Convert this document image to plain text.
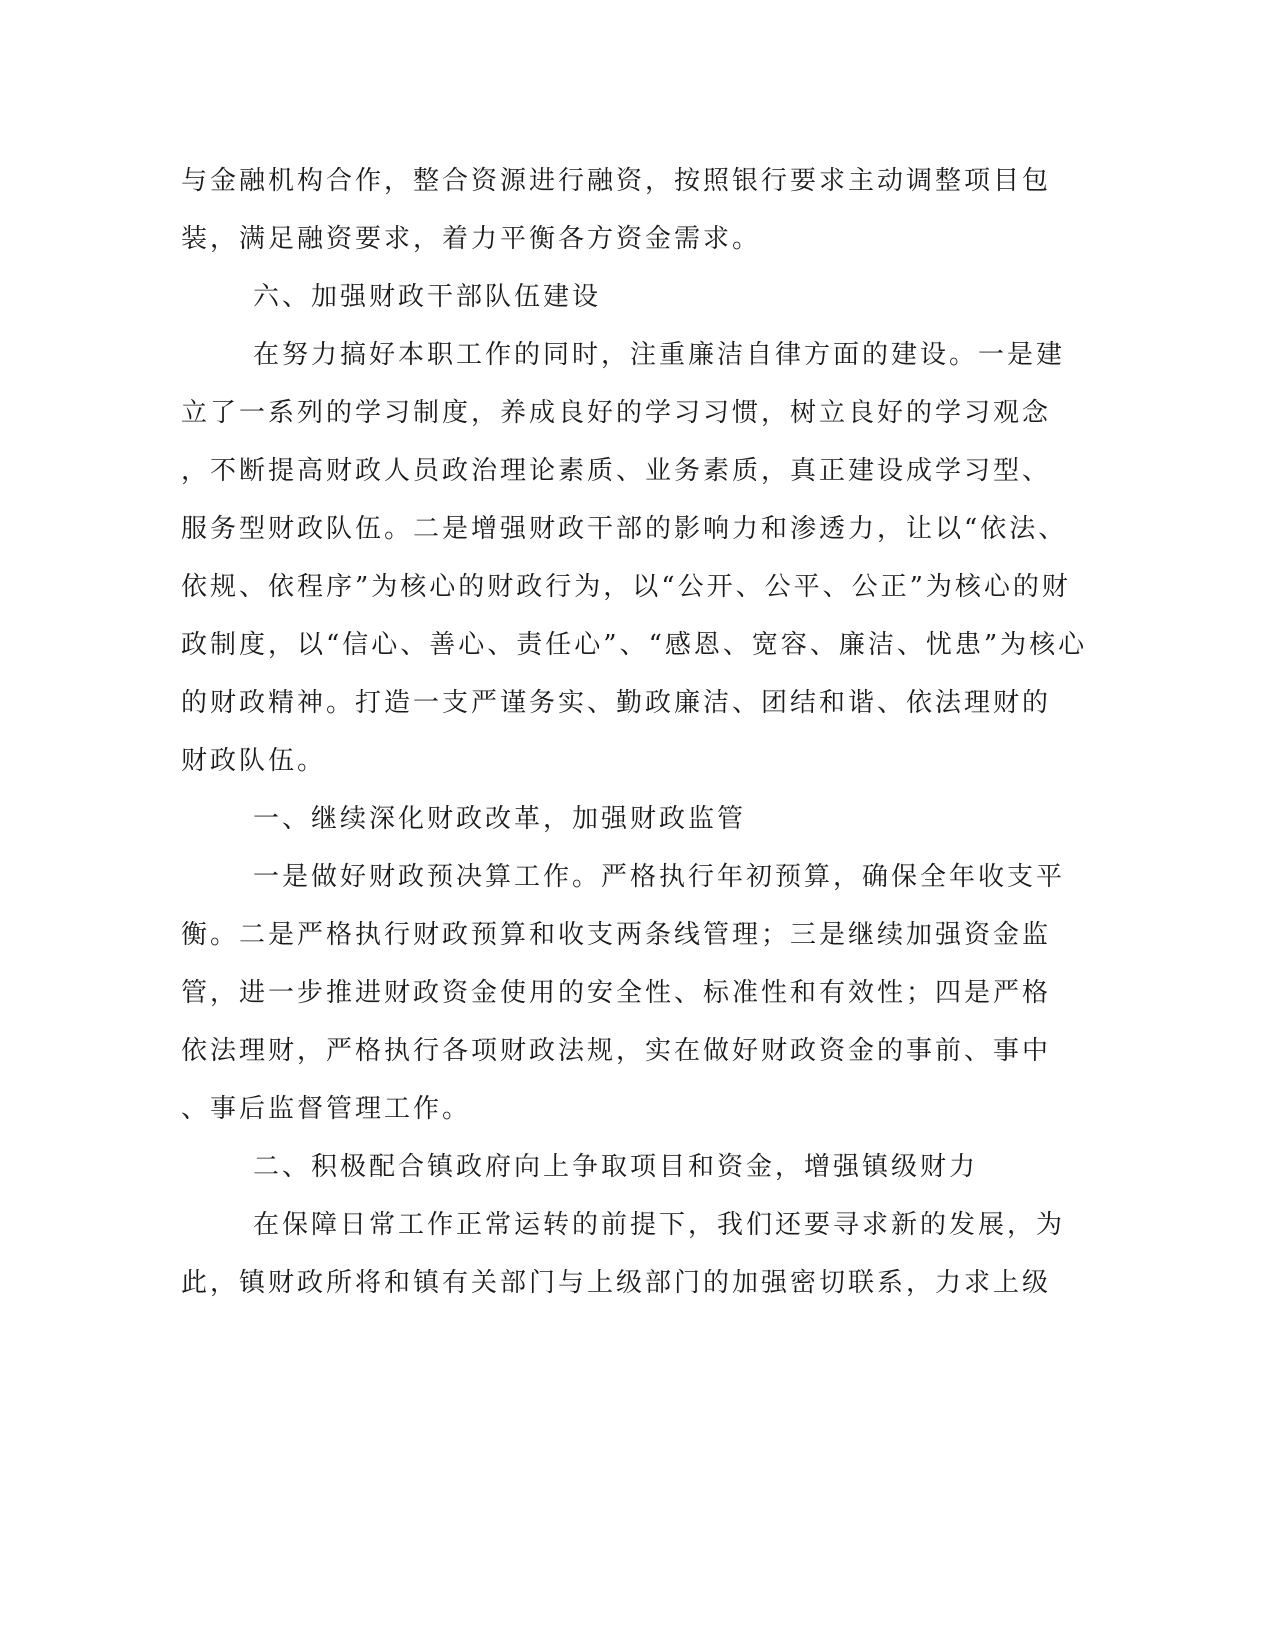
与金融机构合作，整合资源进行融资，按照银行要求主动调整项目包
装，满足融资要求，着力平衡各方资金需求。
六、加强财政干部队伍建设
在努力搞好本职工作的同时，注重廉洁自律方面的建设。一是建
立了一系列的学习制度，养成良好的学习习惯，树立良好的学习观念
，不断提高财政人员政治理论素质、业务素质，真正建设成学习型、
服务型财政队伍。二是增强财政干部的影响力和渗透力，让以“依法、
依规、依程序”为核心的财政行为，以“公开、公平、公正”为核心的财
政制度，以“信心、善心、责任心”、“感恩、宽容、廉洁、忧患”为核心
的财政精神。打造一支严谨务实、勤政廉洁、团结和谐、依法理财的
财政队伍。
一、继续深化财政改革，加强财政监管
一是做好财政预决算工作。严格执行年初预算，确保全年收支平
衡。二是严格执行财政预算和收支两条线管理；三是继续加强资金监
管，进一步推进财政资金使用的安全性、标准性和有效性；四是严格
依法理财，严格执行各项财政法规，实在做好财政资金的事前、事中
、事后监督管理工作。
二、积极配合镇政府向上争取项目和资金，增强镇级财力
在保障日常工作正常运转的前提下，我们还要寻求新的发展，为
此，镇财政所将和镇有关部门与上级部门的加强密切联系，力求上级
